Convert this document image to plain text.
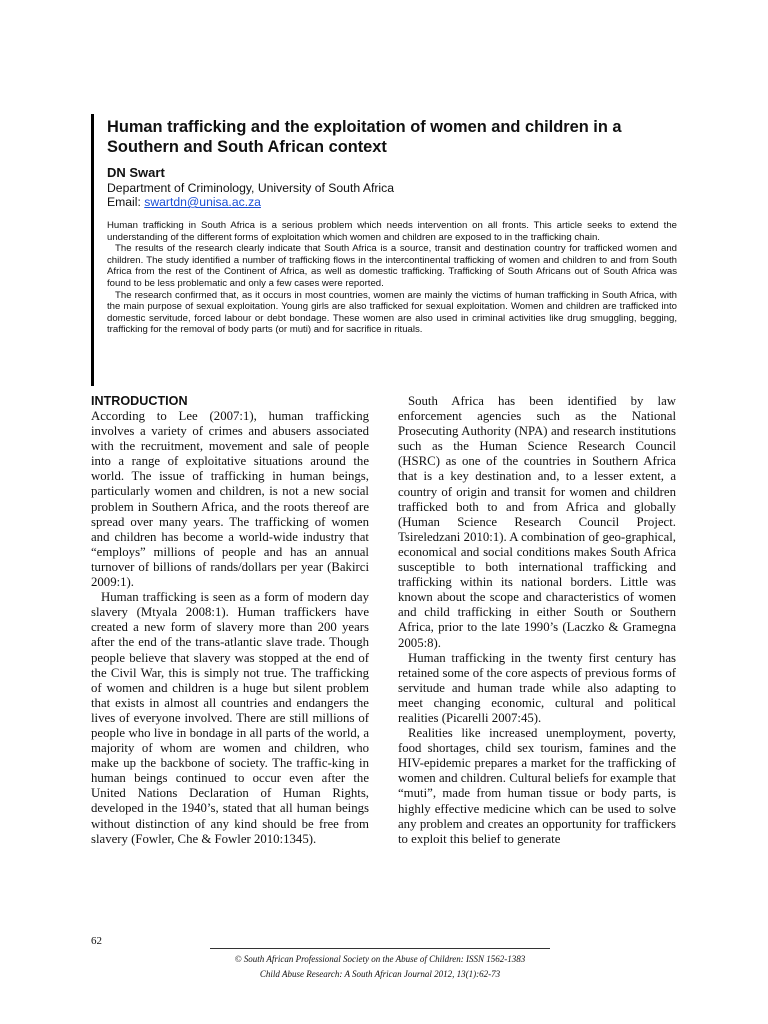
Human trafficking and the exploitation of women and children in a Southern and South African context
DN Swart
Department of Criminology, University of South Africa
Email: swartdn@unisa.ac.za

Human trafficking in South Africa is a serious problem which needs intervention on all fronts. This article seeks to extend the understanding of the different forms of exploitation which women and children are exposed to in the trafficking chain.

The results of the research clearly indicate that South Africa is a source, transit and destination country for trafficked women and children. The study identified a number of trafficking flows in the intercontinental trafficking of women and children to and from South Africa from the rest of the Continent of Africa, as well as domestic trafficking. Trafficking of South Africans out of South Africa was found to be less problematic and only a few cases were reported.

The research confirmed that, as it occurs in most countries, women are mainly the victims of human trafficking in South Africa, with the main purpose of sexual exploitation. Young girls are also trafficked for sexual exploitation. Women and children are trafficked into domestic servitude, forced labour or debt bondage. These women are also used in criminal activities like drug smuggling, begging, trafficking for the removal of body parts (or muti) and for sacrifice in rituals.

INTRODUCTION

According to Lee (2007:1), human trafficking involves a variety of crimes and abusers associated with the recruitment, movement and sale of people into a range of exploitative situations around the world. The issue of trafficking in human beings, particularly women and children, is not a new social problem in Southern Africa, and the roots thereof are spread over many years. The trafficking of women and children has become a world-wide industry that “employs” millions of people and has an annual turnover of billions of rands/dollars per year (Bakirci 2009:1).

Human trafficking is seen as a form of modern day slavery (Mtyala 2008:1). Human traffickers have created a new form of slavery more than 200 years after the end of the trans-atlantic slave trade. Though people believe that slavery was stopped at the end of the Civil War, this is simply not true. The trafficking of women and children is a huge but silent problem that exists in almost all countries and endangers the lives of everyone involved. There are still millions of people who live in bondage in all parts of the world, a majority of whom are women and children, who make up the backbone of society. The traffic-king in human beings continued to occur even after the United Nations Declaration of Human Rights, developed in the 1940’s, stated that all human beings without distinction of any kind should be free from slavery (Fowler, Che & Fowler 2010:1345).

South Africa has been identified by law enforcement agencies such as the National Prosecuting Authority (NPA) and research institutions such as the Human Science Research Council (HSRC) as one of the countries in Southern Africa that is a key destination and, to a lesser extent, a country of origin and transit for women and children trafficked both to and from Africa and globally (Human Science Research Council Project. Tsireledzani 2010:1). A combination of geo-graphical, economical and social conditions makes South Africa susceptible to both international trafficking and trafficking within its national borders. Little was known about the scope and characteristics of women and child trafficking in either South or Southern Africa, prior to the late 1990’s (Laczko & Gramegna 2005:8).

Human trafficking in the twenty first century has retained some of the core aspects of previous forms of servitude and human trade while also adapting to meet changing economic, cultural and political realities (Picarelli 2007:45).

Realities like increased unemployment, poverty, food shortages, child sex tourism, famines and the HIV-epidemic prepares a market for the trafficking of women and children. Cultural beliefs for example that “muti”, made from human tissue or body parts, is highly effective medicine which can be used to solve any problem and creates an opportunity for traffickers to exploit this belief to generate

62
© South African Professional Society on the Abuse of Children: ISSN 1562-1383
Child Abuse Research: A South African Journal 2012, 13(1):62-73
